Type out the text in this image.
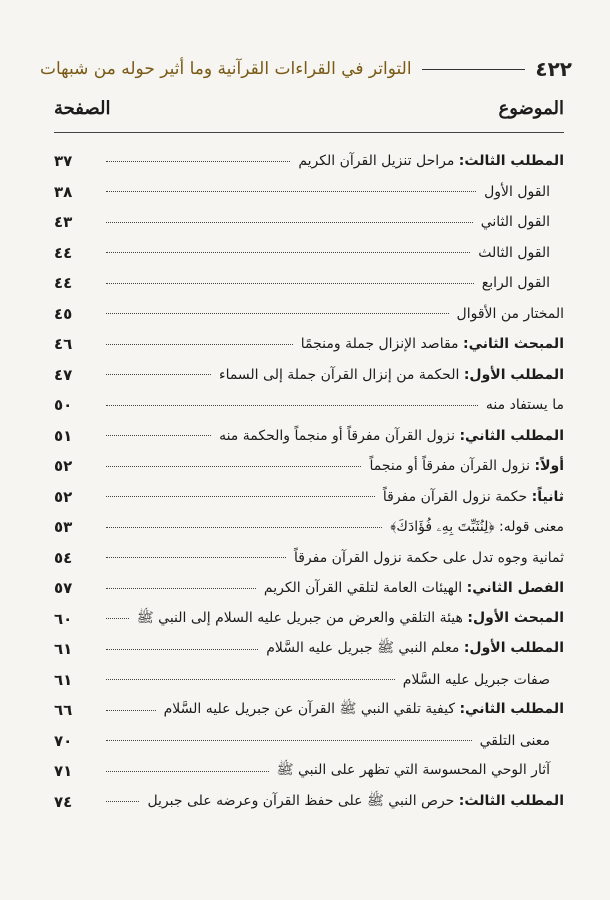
التواتر في القراءات القرآنية وما أثير حوله من شبهات	٤٢٢
الموضوع
الصفحة
المطلب الثالث: مراحل تنزيل القرآن الكريم
٣٧
القول الأول
٣٨
القول الثاني
٤٣
القول الثالث
٤٤
القول الرابع
٤٤
المختار من الأقوال
٤٥
المبحث الثاني: مقاصد الإنزال جملة ومنجمًا
٤٦
المطلب الأول: الحكمة من إنزال القرآن جملة إلى السماء
٤٧
ما يستفاد منه
٥٠
المطلب الثاني: نزول القرآن مفرقاً أو منجماً والحكمة منه
٥١
أولاً: نزول القرآن مفرقاً أو منجماً
٥٢
ثانياً: حكمة نزول القرآن مفرقاً
٥٢
معنى قوله: ﴿لِنُثَبِّتَ بِهِۦ فُؤَادَكَ﴾
٥٣
ثمانية وجوه تدل على حكمة نزول القرآن مفرقاً
٥٤
الفصل الثاني: الهيئات العامة لتلقي القرآن الكريم
٥٧
المبحث الأول: هيئة التلقي والعرض من جبريل عليه السلام إلى النبي ﷺ
٦٠
المطلب الأول: معلم النبي ﷺ جبريل عليه السَّلام
٦١
صفات جبريل عليه السَّلام
٦١
المطلب الثاني: كيفية تلقي النبي ﷺ القرآن عن جبريل عليه السَّلام
٦٦
معنى التلقي
٧٠
آثار الوحي المحسوسة التي تظهر على النبي ﷺ
٧١
المطلب الثالث: حرص النبي ﷺ على حفظ القرآن وعرضه على جبريل
٧٤
